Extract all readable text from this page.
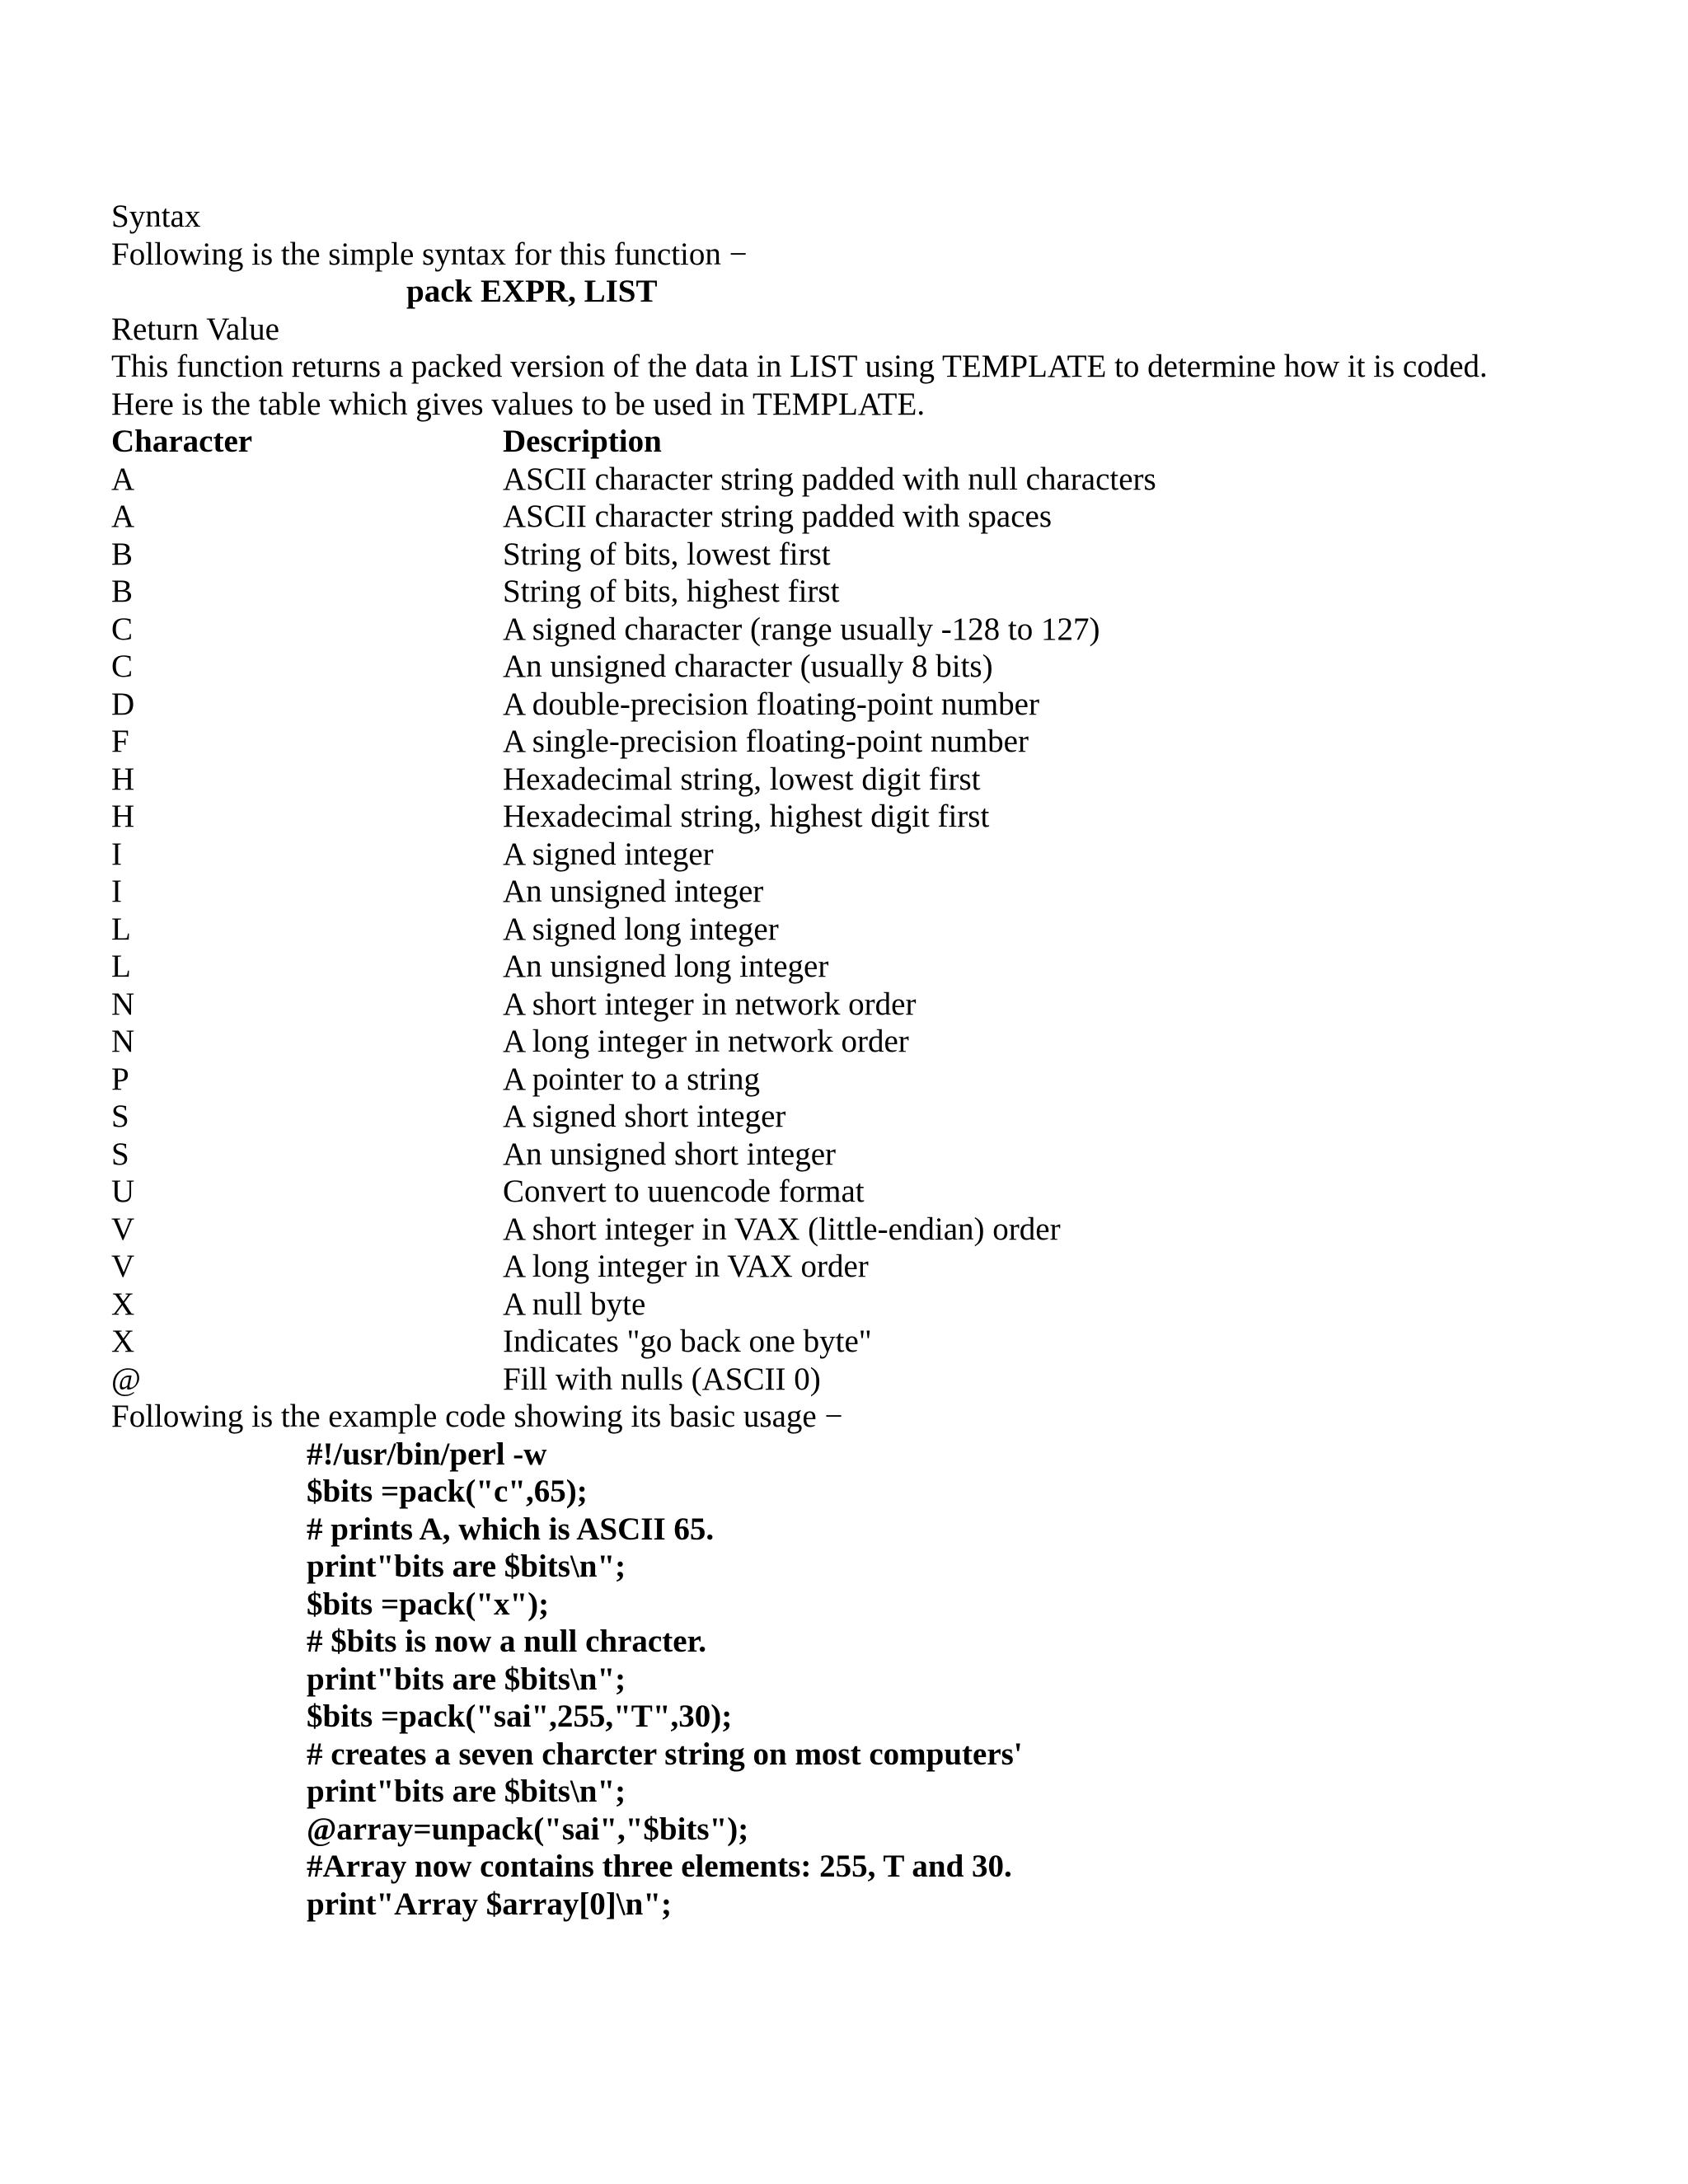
Syntax
Following is the simple syntax for this function −
pack EXPR, LIST
Return Value
This function returns a packed version of the data in LIST using TEMPLATE to determine how it is coded.
Here is the table which gives values to be used in TEMPLATE.
Character	Description
A	ASCII character string padded with null characters
A	ASCII character string padded with spaces
B	String of bits, lowest first
B	String of bits, highest first
C	A signed character (range usually -128 to 127)
C	An unsigned character (usually 8 bits)
D	A double-precision floating-point number
F	A single-precision floating-point number
H	Hexadecimal string, lowest digit first
H	Hexadecimal string, highest digit first
I	A signed integer
I	An unsigned integer
L	A signed long integer
L	An unsigned long integer
N	A short integer in network order
N	A long integer in network order
P	A pointer to a string
S	A signed short integer
S	An unsigned short integer
U	Convert to uuencode format
V	A short integer in VAX (little-endian) order
V	A long integer in VAX order
X	A null byte
X	Indicates "go back one byte"
@	Fill with nulls (ASCII 0)
Following is the example code showing its basic usage −
#!/usr/bin/perl -w
$bits =pack("c",65);
# prints A, which is ASCII 65.
print"bits are $bits\n";
$bits =pack("x");
# $bits is now a null chracter.
print"bits are $bits\n";
$bits =pack("sai",255,"T",30);
# creates a seven charcter string on most computers'
print"bits are $bits\n";
@array=unpack("sai","$bits");
#Array now contains three elements: 255, T and 30.
print"Array $array[0]\n";
